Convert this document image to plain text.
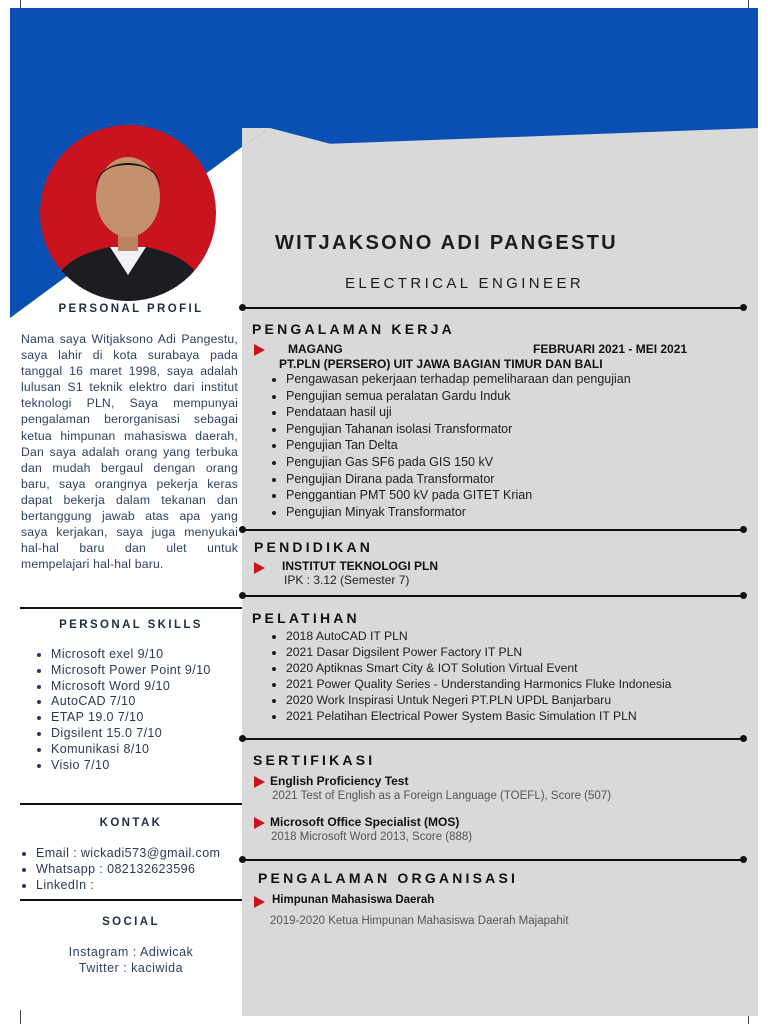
WITJAKSONO ADI PANGESTU
ELECTRICAL ENGINEER
PERSONAL PROFIL
Nama saya Witjaksono Adi Pangestu, saya lahir di kota surabaya pada tanggal 16 maret 1998, saya adalah lulusan S1 teknik elektro dari institut teknologi PLN, Saya mempunyai pengalaman berorganisasi sebagai ketua himpunan mahasiswa daerah, Dan saya adalah orang yang terbuka dan mudah bergaul dengan orang baru, saya orangnya pekerja keras dapat bekerja dalam tekanan dan bertanggung jawab atas apa yang saya kerjakan, saya juga menyukai hal-hal baru dan ulet untuk mempelajari hal-hal baru.
PERSONAL SKILLS
• Microsoft exel 9/10
• Microsoft Power Point 9/10
• Microsoft Word 9/10
• AutoCAD 7/10
• ETAP 19.0 7/10
• Digsilent 15.0 7/10
• Komunikasi 8/10
• Visio 7/10
KONTAK
• Email : wickadi573@gmail.com
• Whatsapp : 082132623596
• LinkedIn :
SOCIAL
Instagram : Adiwicak
Twitter : kaciwida
PENGALAMAN KERJA
MAGANG	FEBRUARI 2021 - MEI 2021
PT.PLN (PERSERO) UIT JAWA BAGIAN TIMUR DAN BALI
• Pengawasan pekerjaan terhadap pemeliharaan dan pengujian
• Pengujian semua peralatan Gardu Induk
• Pendataan hasil uji
• Pengujian Tahanan isolasi Transformator
• Pengujian Tan Delta
• Pengujian Gas SF6 pada GIS 150 kV
• Pengujian Dirana pada Transformator
• Penggantian PMT 500 kV pada GITET Krian
• Pengujian Minyak Transformator
PENDIDIKAN
INSTITUT TEKNOLOGI PLN
IPK : 3.12 (Semester 7)
PELATIHAN
• 2018 AutoCAD IT PLN
• 2021 Dasar Digsilent Power Factory IT PLN
• 2020 Aptiknas Smart City & IOT Solution Virtual Event
• 2021 Power Quality Series - Understanding Harmonics Fluke Indonesia
• 2020 Work Inspirasi Untuk Negeri PT.PLN UPDL Banjarbaru
• 2021 Pelatihan Electrical Power System Basic Simulation IT PLN
SERTIFIKASI
English Proficiency Test
2021 Test of English as a Foreign Language (TOEFL), Score (507)
Microsoft Office Specialist (MOS)
2018 Microsoft Word 2013, Score (888)
PENGALAMAN ORGANISASI
Himpunan Mahasiswa Daerah
2019-2020 Ketua Himpunan Mahasiswa Daerah Majapahit
